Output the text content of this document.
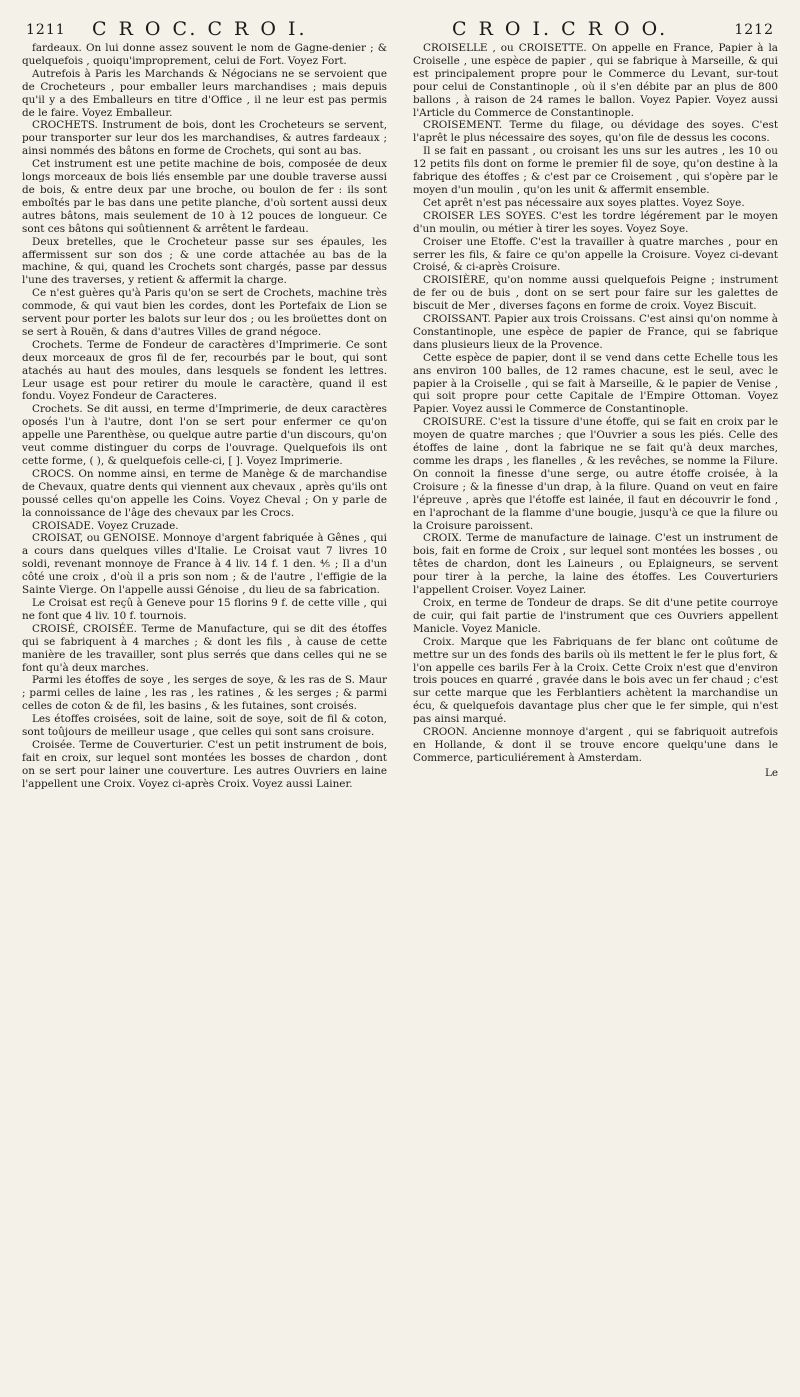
1211 C R O C. C R O I.	C R O I. C R O O.	1212

fardeaux. On lui donne assez souvent le nom de Gagne-denier ; & quelquefois , quoiqu'improprement, celui de Fort. Voyez Fort.

Autrefois à Paris les Marchands & Négocians ne se servoient que de Crocheteurs , pour emballer leurs marchandises ; mais depuis qu'il y a des Emballeurs en titre d'Office , il ne leur est pas permis de le faire. Voyez Emballeur.

CROCHETS. Instrument de bois, dont les Crocheteurs se servent, pour transporter sur leur dos les marchandises, & autres fardeaux ; ainsi nommés des bâtons en forme de Crochets, qui sont au bas.

Cet instrument est une petite machine de bois, composée de deux longs morceaux de bois liés ensemble par une double traverse aussi de bois, & entre deux par une broche, ou boulon de fer : ils sont emboîtés par le bas dans une petite planche, d'où sortent aussi deux autres bâtons, mais seulement de 10 à 12 pouces de longueur. Ce sont ces bâtons qui soûtiennent & arrêtent le fardeau.

Deux bretelles, que le Crocheteur passe sur ses épaules, les affermissent sur son dos ; & une corde attachée au bas de la machine, & qui, quand les Crochets sont chargés, passe par dessus l'une des traverses, y retient & affermit la charge.

Ce n'est guères qu'à Paris qu'on se sert de Crochets, machine très commode, & qui vaut bien les cordes, dont les Portefaix de Lion se servent pour porter les balots sur leur dos ; ou les broüettes dont on se sert à Rouën, & dans d'autres Villes de grand négoce.

Crochets. Terme de Fondeur de caractères d'Imprimerie. Ce sont deux morceaux de gros fil de fer, recourbés par le bout, qui sont atachés au haut des moules, dans lesquels se fondent les lettres. Leur usage est pour retirer du moule le caractère, quand il est fondu. Voyez Fondeur de Caracteres.

Crochets. Se dit aussi, en terme d'Imprimerie, de deux caractères oposés l'un à l'autre, dont l'on se sert pour enfermer ce qu'on appelle une Parenthèse, ou quelque autre partie d'un discours, qu'on veut comme distinguer du corps de l'ouvrage. Quelquefois ils ont cette forme, ( ), & quelquefois celle-ci, [ ]. Voyez Imprimerie.

CROCS. On nomme ainsi, en terme de Manège & de marchandise de Chevaux, quatre dents qui viennent aux chevaux , après qu'ils ont poussé celles qu'on appelle les Coins. Voyez Cheval ; On y parle de la connoissance de l'âge des chevaux par les Crocs.

CROISADE. Voyez Cruzade.

CROISAT, ou GENOISE. Monnoye d'argent fabriquée à Gênes , qui a cours dans quelques villes d'Italie. Le Croisat vaut 7 livres 10 soldi, revenant monnoye de France à 4 liv. 14 f. 1 den. ⅘ ; Il a d'un côté une croix , d'où il a pris son nom ; & de l'autre , l'effigie de la Sainte Vierge. On l'appelle aussi Génoise , du lieu de sa fabrication.

Le Croisat est reçû à Geneve pour 15 florins 9 f. de cette ville , qui ne font que 4 liv. 10 f. tournois.

CROISÉ, CROISÉE. Terme de Manufacture, qui se dit des étoffes qui se fabriquent à 4 marches ; & dont les fils , à cause de cette manière de les travailler, sont plus serrés que dans celles qui ne se font qu'à deux marches.

Parmi les étoffes de soye , les serges de soye, & les ras de S. Maur ; parmi celles de laine , les ras , les ratines , & les serges ; & parmi celles de coton & de fil, les basins , & les futaines, sont croisés.

Les étoffes croisées, soit de laine, soit de soye, soit de fil & coton, sont toûjours de meilleur usage , que celles qui sont sans croisure.

Croisée. Terme de Couverturier. C'est un petit instrument de bois, fait en croix, sur lequel sont montées les bosses de chardon , dont on se sert pour lainer une couverture. Les autres Ouvriers en laine l'appellent une Croix. Voyez ci-après Croix. Voyez aussi Lainer.

CROISELLE , ou CROISETTE. On appelle en France, Papier à la Croiselle , une espèce de papier , qui se fabrique à Marseille, & qui est principalement propre pour le Commerce du Levant, sur-tout pour celui de Constantinople , où il s'en débite par an plus de 800 ballons , à raison de 24 rames le ballon. Voyez Papier. Voyez aussi l'Article du Commerce de Constantinople.

CROISEMENT. Terme du filage, ou dévidage des soyes. C'est l'aprêt le plus nécessaire des soyes, qu'on file de dessus les cocons.

Il se fait en passant , ou croisant les uns sur les autres , les 10 ou 12 petits fils dont on forme le premier fil de soye, qu'on destine à la fabrique des étoffes ; & c'est par ce Croisement , qui s'opère par le moyen d'un moulin , qu'on les unit & affermit ensemble.

Cet aprêt n'est pas nécessaire aux soyes plattes. Voyez Soye.

CROISER LES SOYES. C'est les tordre légérement par le moyen d'un moulin, ou métier à tirer les soyes. Voyez Soye.

Croiser une Etoffe. C'est la travailler à quatre marches , pour en serrer les fils, & faire ce qu'on appelle la Croisure. Voyez ci-devant Croisé, & ci-après Croisure.

CROISIÈRE, qu'on nomme aussi quelquefois Peigne ; instrument de fer ou de buis , dont on se sert pour faire sur les galettes de biscuit de Mer , diverses façons en forme de croix. Voyez Biscuit.

CROISSANT. Papier aux trois Croissans. C'est ainsi qu'on nomme à Constantinople, une espèce de papier de France, qui se fabrique dans plusieurs lieux de la Provence.

Cette espèce de papier, dont il se vend dans cette Echelle tous les ans environ 100 balles, de 12 rames chacune, est le seul, avec le papier à la Croiselle , qui se fait à Marseille, & le papier de Venise , qui soit propre pour cette Capitale de l'Empire Ottoman. Voyez Papier. Voyez aussi le Commerce de Constantinople.

CROISURE. C'est la tissure d'une étoffe, qui se fait en croix par le moyen de quatre marches ; que l'Ouvrier a sous les piés. Celle des étoffes de laine , dont la fabrique ne se fait qu'à deux marches, comme les draps , les flanelles , & les revêches, se nomme la Filure. On connoit la finesse d'une serge, ou autre étoffe croisée, à la Croisure ; & la finesse d'un drap, à la filure. Quand on veut en faire l'épreuve , après que l'étoffe est lainée, il faut en découvrir le fond , en l'aprochant de la flamme d'une bougie, jusqu'à ce que la filure ou la Croisure paroissent.

CROIX. Terme de manufacture de lainage. C'est un instrument de bois, fait en forme de Croix , sur lequel sont montées les bosses , ou têtes de chardon, dont les Laineurs , ou Eplaigneurs, se servent pour tirer à la perche, la laine des étoffes. Les Couverturiers l'appellent Croiser. Voyez Lainer.

Croix, en terme de Tondeur de draps. Se dit d'une petite courroye de cuir, qui fait partie de l'instrument que ces Ouvriers appellent Manicle. Voyez Manicle.

Croix. Marque que les Fabriquans de fer blanc ont coûtume de mettre sur un des fonds des barils où ils mettent le fer le plus fort, & l'on appelle ces barils Fer à la Croix. Cette Croix n'est que d'environ trois pouces en quarré , gravée dans le bois avec un fer chaud ; c'est sur cette marque que les Ferblantiers achètent la marchandise un écu, & quelquefois davantage plus cher que le fer simple, qui n'est pas ainsi marqué.

CROON. Ancienne monnoye d'argent , qui se fabriquoit autrefois en Hollande, & dont il se trouve encore quelqu'une dans le Commerce, particuliérement à Amsterdam.

Le
